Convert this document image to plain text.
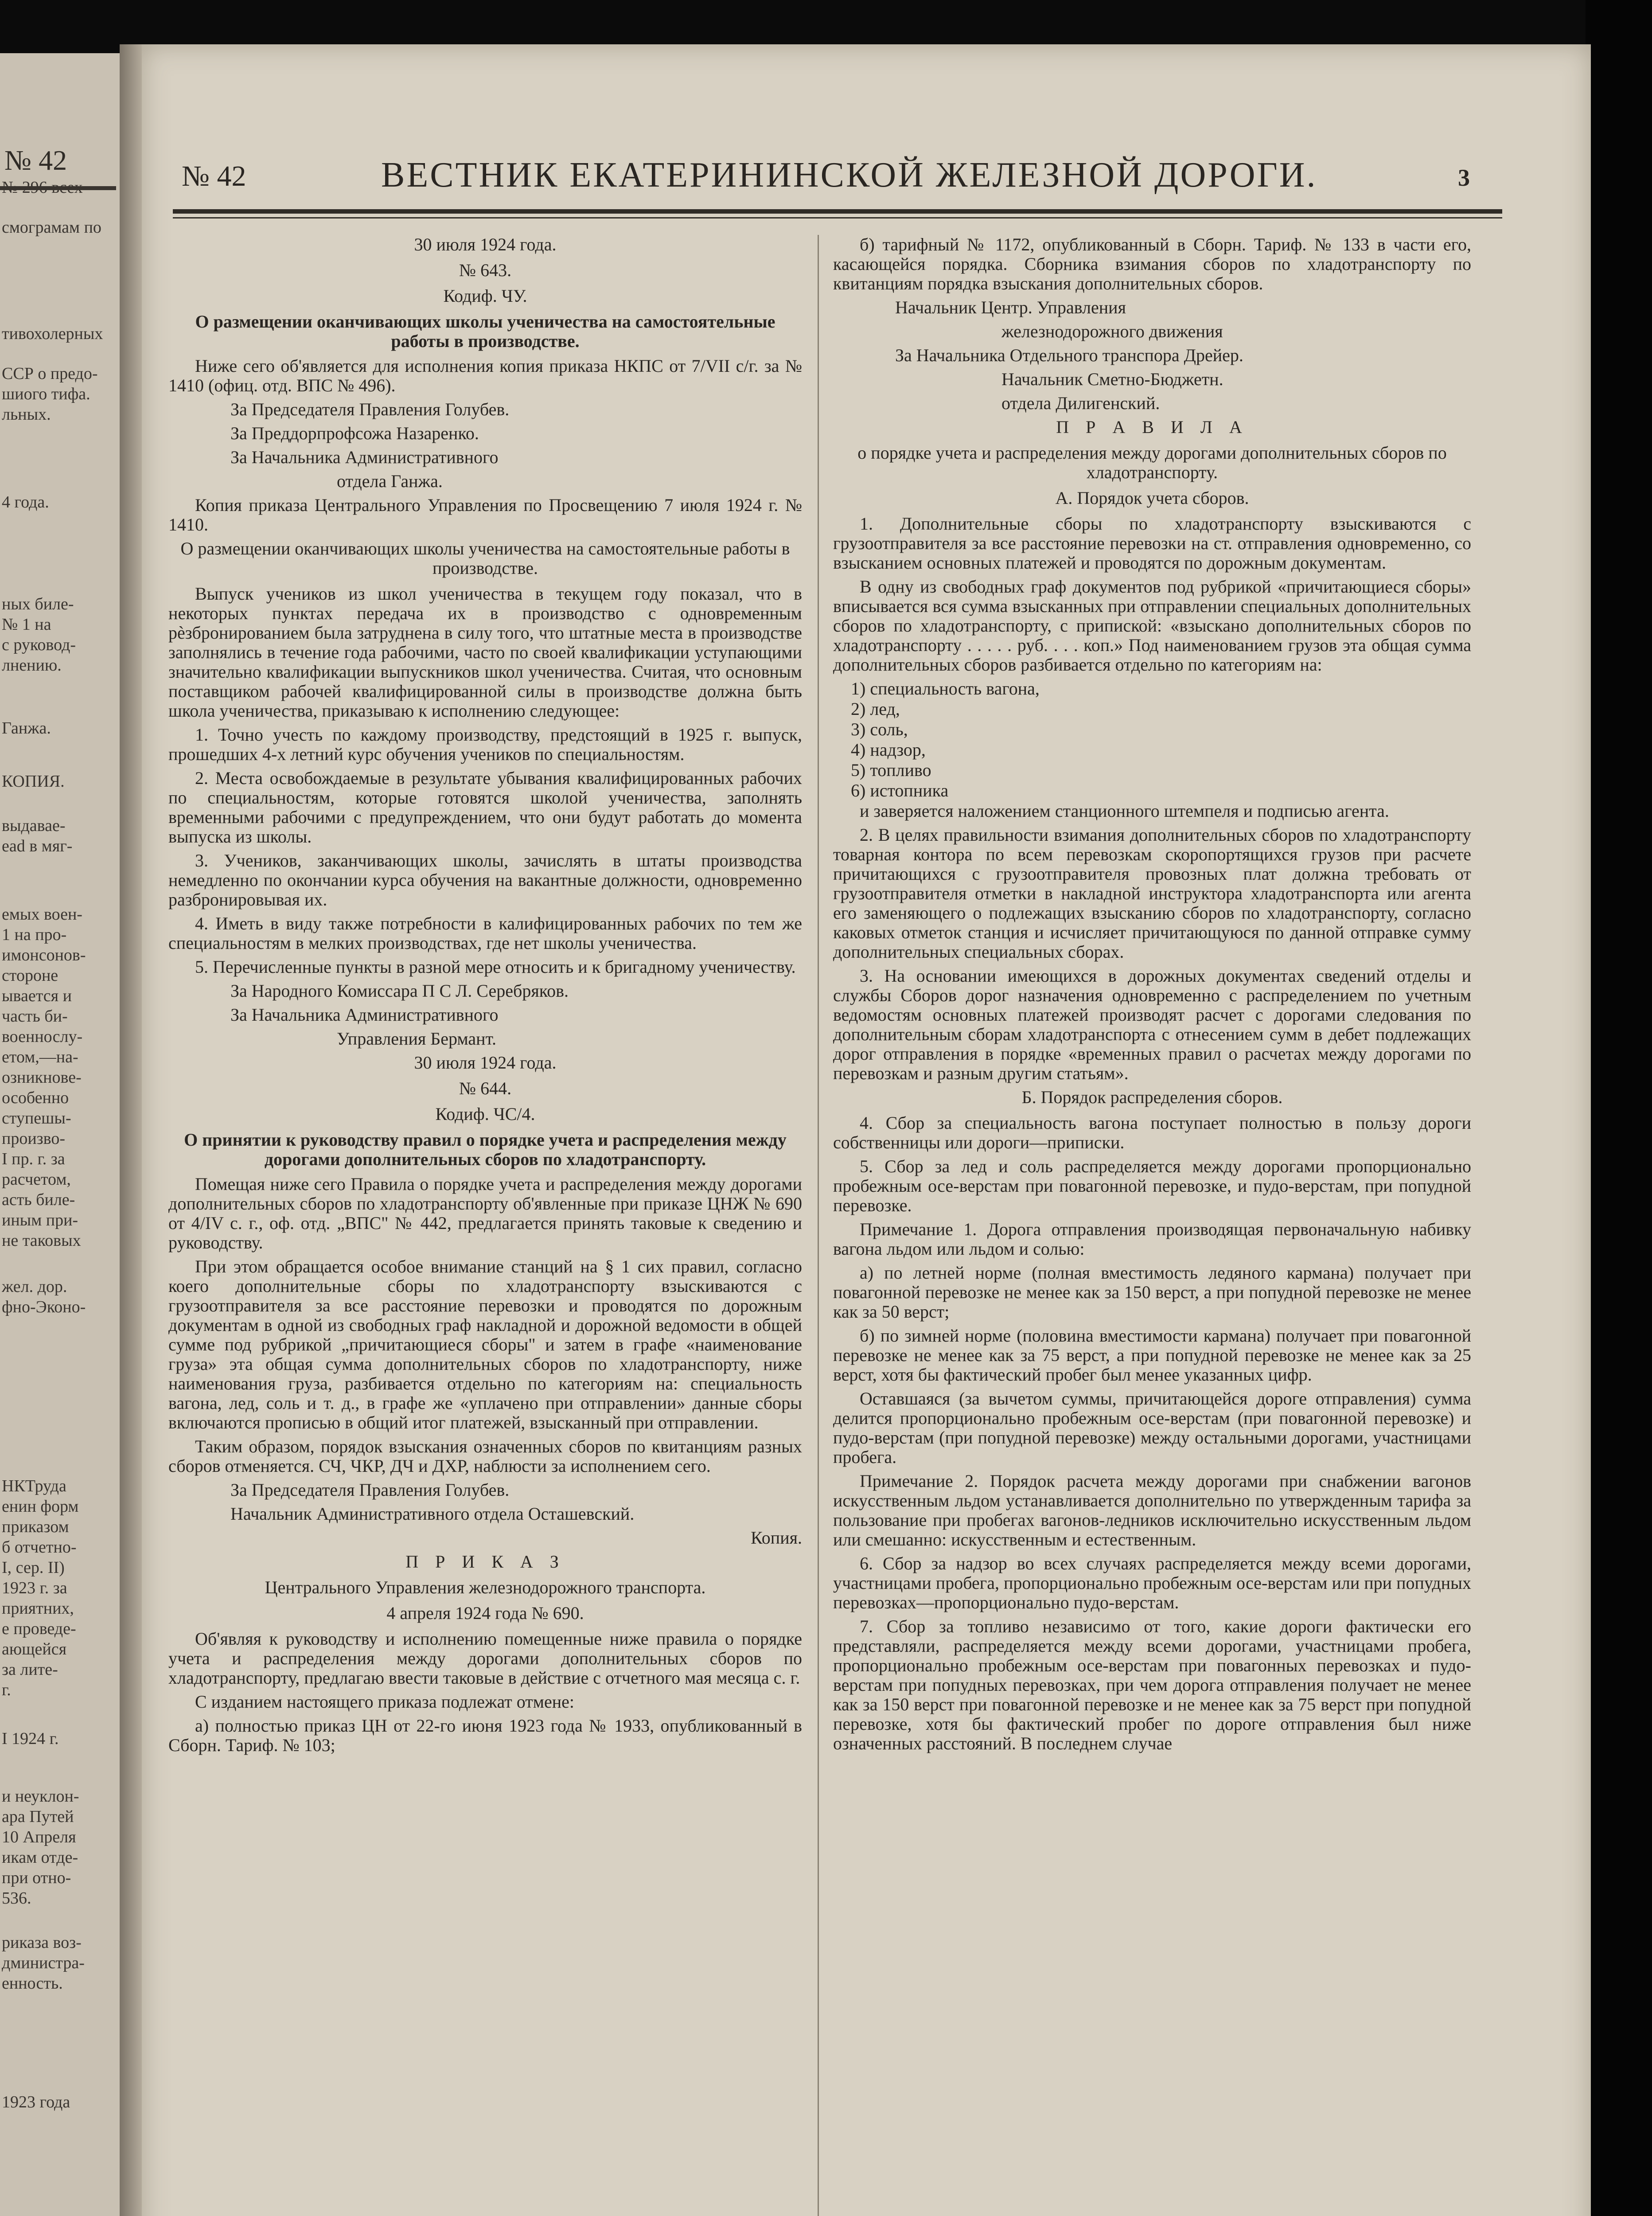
№ 42
№ 296 всех
смограмам по
тивохолерных
ССР о предо-
шиого тифа.
льных.
4 года.
ных биле-
№ 1 на
с руковод-
лнению.
Ганжа.
КОПИЯ.
выдаваe-
ead в мяг-
емых воен-
1 на про-
имонсонов-
стороне
ывается и
часть би-
военнослу-
етом,—на-
озникнове-
особенно
ступешы-
произво-
I пр. г. за
расчетом,
асть биле-
иным при-
не таковых
жел. дор.
фно-Эконо-
НКТруда
енин форм
приказом
б отчетно-
I, сер. II)
1923 г. за
приятних,
е проведе-
ающейся
за лите-
г.
I 1924 г.
и неуклон-
ара Путей
10 Апреля
икам отде-
при отно-
536.
риказа воз-
дминистра-
енность.
1923 года
№ 42	ВЕСТНИК ЕКАТЕРИНИНСКОЙ ЖЕЛЕЗНОЙ ДОРОГИ.	3

30 июля 1924 года.

№ 643.

Кодиф. ЧУ.

О размещении оканчивающих школы ученичества на самостоятельные работы в производстве.

Ниже сего об'является для исполнения копия приказа НКПС от 7/VII с/г. за № 1410 (офиц. отд. ВПС № 496).

За Председателя Правления Голубев.

За Преддорпрофсожа Назаренко.

За Начальника Административного

отдела Ганжа.

Копия приказа Центрального Управления по Просвещению 7 июля 1924 г. № 1410.

О размещении оканчивающих школы ученичества на самостоятельные работы в производстве.

Выпуск учеников из школ ученичества в текущем году показал, что в некоторых пунктах передача их в производство с одновременным рѐзброниpованием была затруднена в силу того, что штатные места в производстве заполнялись в течение года рабочими, часто по своей квалификации уступающими значительно квалификации выпускников школ ученичества. Считая, что основным поставщиком рабочей квалифицированной силы в производстве должна быть школа ученичества, приказываю к исполнению следующее:

1. Точно учесть по каждому производству, предстоящий в 1925 г. выпуск, прошедших 4-х летний курс обучения учеников по специальностям.

2. Места освобождаемые в результате убывания квалифицированных рабочих по специальностям, которые готовятся школой ученичества, заполнять временными рабочими с предупреждением, что они будут работать до момента выпуска из школы.

3. Учеников, заканчивающих школы, зачислять в штаты производства немедленно по окончании курса обучения на вакантные должности, одновременно разбронировывая их.

4. Иметь в виду также потребности в калифицированных рабочих по тем же специальностям в мелких производствах, где нет школы ученичества.

5. Перечисленные пункты в разной мере относить и к бригадному ученичеству.

За Народного Комиссара П С Л. Серебряков.

За Начальника Административного

Управления Бермант.

30 июля 1924 года.

№ 644.

Кодиф. ЧС/4.

О принятии к руководству правил о порядке учета и распределения между дорогами дополнительных сборов по хладотранспорту.

Помещая ниже сего Правила о порядке учета и распределения между дорогами дополнительных сборов по хладотранспорту об'явленные при приказе ЦНЖ № 690 от 4/IV с. г., оф. отд. „ВПС" № 442, предлагается принять таковые к сведению и руководству.

При этом обращается особое внимание станций на § 1 сих правил, согласно коего дополнительные сборы по хладотранспорту взыскиваются с грузоотправителя за все расстояние перевозки и проводятся по дорожным документам в одной из свободных граф накладной и дорожной ведомости в общей сумме под рубрикой „причитающиеся сборы" и затем в графе «наименование груза» эта общая сумма дополнительных сборов по хладотранспорту, ниже наименования груза, разбивается отдельно по категориям на: специальность вагона, лед, соль и т. д., в графе же «уплачено при отправлении» данные сборы включаются прописью в общий итог платежей, взысканный при отправлении.

Таким образом, порядок взыскания означенных сборов по квитанциям разных сборов отменяется. СЧ, ЧКР, ДЧ и ДХР, наблюсти за исполнением сего.

За Председателя Правления Голубев.

Начальник Административного отдела Осташевский.

Копия.

П Р И К А З

Центрального Управления железнодорожного транспорта.

4 апреля 1924 года № 690.

Об'являя к руководству и исполнению помещенные ниже правила о порядке учета и распределения между дорогами дополнительных сборов по хладотранспорту, предлагаю ввести таковые в действие с отчетного мая месяца с. г.

С изданием настоящего приказа подлежат отмене:

а) полностью приказ ЦН от 22-го июня 1923 года № 1933, опубликованный в Сборн. Тариф. № 103;

б) тарифный № 1172, опубликованный в Сборн. Тариф. № 133 в части его, касающейся порядка. Сборника взимания сборов по хладотранспорту по квитанциям порядка взыскания дополнительных сборов.

Начальник Центр. Управления

железнодорожного движения

За Начальника Отдельного транспора Дрейер.

Начальник Сметно-Бюджетн.

отдела Дилигенский.

П Р А В И Л А

о порядке учета и распределения между дорогами дополнительных сборов по хладотранспорту.

А. Порядок учета сборов.

1. Дополнительные сборы по хладотранспорту взыскиваются с грузоотправителя за все расстояние перевозки на ст. отправления одновременно, со взысканием основных платежей и проводятся по дорожным документам.

В одну из свободных граф документов под рубрикой «причитающиеся сборы» вписывается вся сумма взысканных при отправлении специальных дополнительных сборов по хладотранспорту, с припиской: «взыскано дополнительных сборов по хладотранспорту . . . . . руб. . . . коп.» Под наименованием грузов эта общая сумма дополнительных сборов разбивается отдельно по категориям на:

1) специальность вагона,

2) лед,

3) соль,

4) надзор,

5) топливо

6) истопника

и заверяется наложением станционного штемпеля и подписью агента.

2. В целях правильности взимания дополнительных сборов по хладотранспорту товарная контора по всем перевозкам скоропортящихся грузов при расчете причитающихся с грузоотправителя провозных плат должна требовать от грузоотправителя отметки в накладной инструктора хладотранспорта или агента его заменяющего о подлежащих взысканию сборов по хладотранспорту, согласно каковых отметок станция и исчисляет причитающуюся по данной отправке сумму дополнительных специальных сборах.

3. На основании имеющихся в дорожных документах сведений отделы и службы Сборов дорог назначения одновременно с распределением по учетным ведомостям основных платежей производят расчет с дорогами следования по дополнительным сборам хладотранспорта с отнесением сумм в дебет подлежащих дорог отправления в порядке «временных правил о расчетах между дорогами по перевозкам и разным другим статьям».

Б. Порядок распределения сборов.

4. Сбор за специальность вагона поступает полностью в пользу дороги собственницы или дороги—приписки.

5. Сбор за лед и соль распределяется между дорогами пропорционально пробежным осе-верстам при повагонной перевозке, и пудо-верстам, при попудной перевозке.

Примечание 1. Дорога отправления производящая первоначальную набивку вагона льдом или льдом и солью:

а) по летней норме (полная вместимость ледяного кармана) получает при повагонной перевозке не менее как за 150 верст, а при попудной перевозке не менее как за 50 верст;

б) по зимней норме (половина вместимости кармана) получает при повагонной перевозке не менее как за 75 верст, а при попудной перевозке не менее как за 25 верст, хотя бы фактический пробег был менее указанных цифр.

Оставшаяся (за вычетом суммы, причитающейся дороге отправления) сумма делится пропорционально пробежным осе-верстам (при повагонной перевозке) и пудо-верстам (при попудной перевозке) между остальными дорогами, участницами пробега.

Примечание 2. Порядок расчета между дорогами при снабжении вагонов искусственным льдом устанавливается дополнительно по утвержденным тарифа за пользование при пробегах вагонов-ледников исключительно искусственным льдом или смешанно: искусственным и естественным.

6. Сбор за надзор во всех случаях распределяется между всеми дорогами, участницами пробега, пропорционально пробежным осе-верстам или при попудных перевозках—пропорционально пудо-верстам.

7. Сбор за топливо независимо от того, какие дороги фактически его представляли, распределяется между всеми дорогами, участницами пробега, пропорционально пробежным осе-верстам при повагонных перевозках и пудо-верстам при попудных перевозках, при чем дорога отправления получает не менее как за 150 верст при повагонной перевозке и не менее как за 75 верст при попудной перевозке, хотя бы фактический пробег по дороге отправления был ниже означенных расстояний. В последнем случае
